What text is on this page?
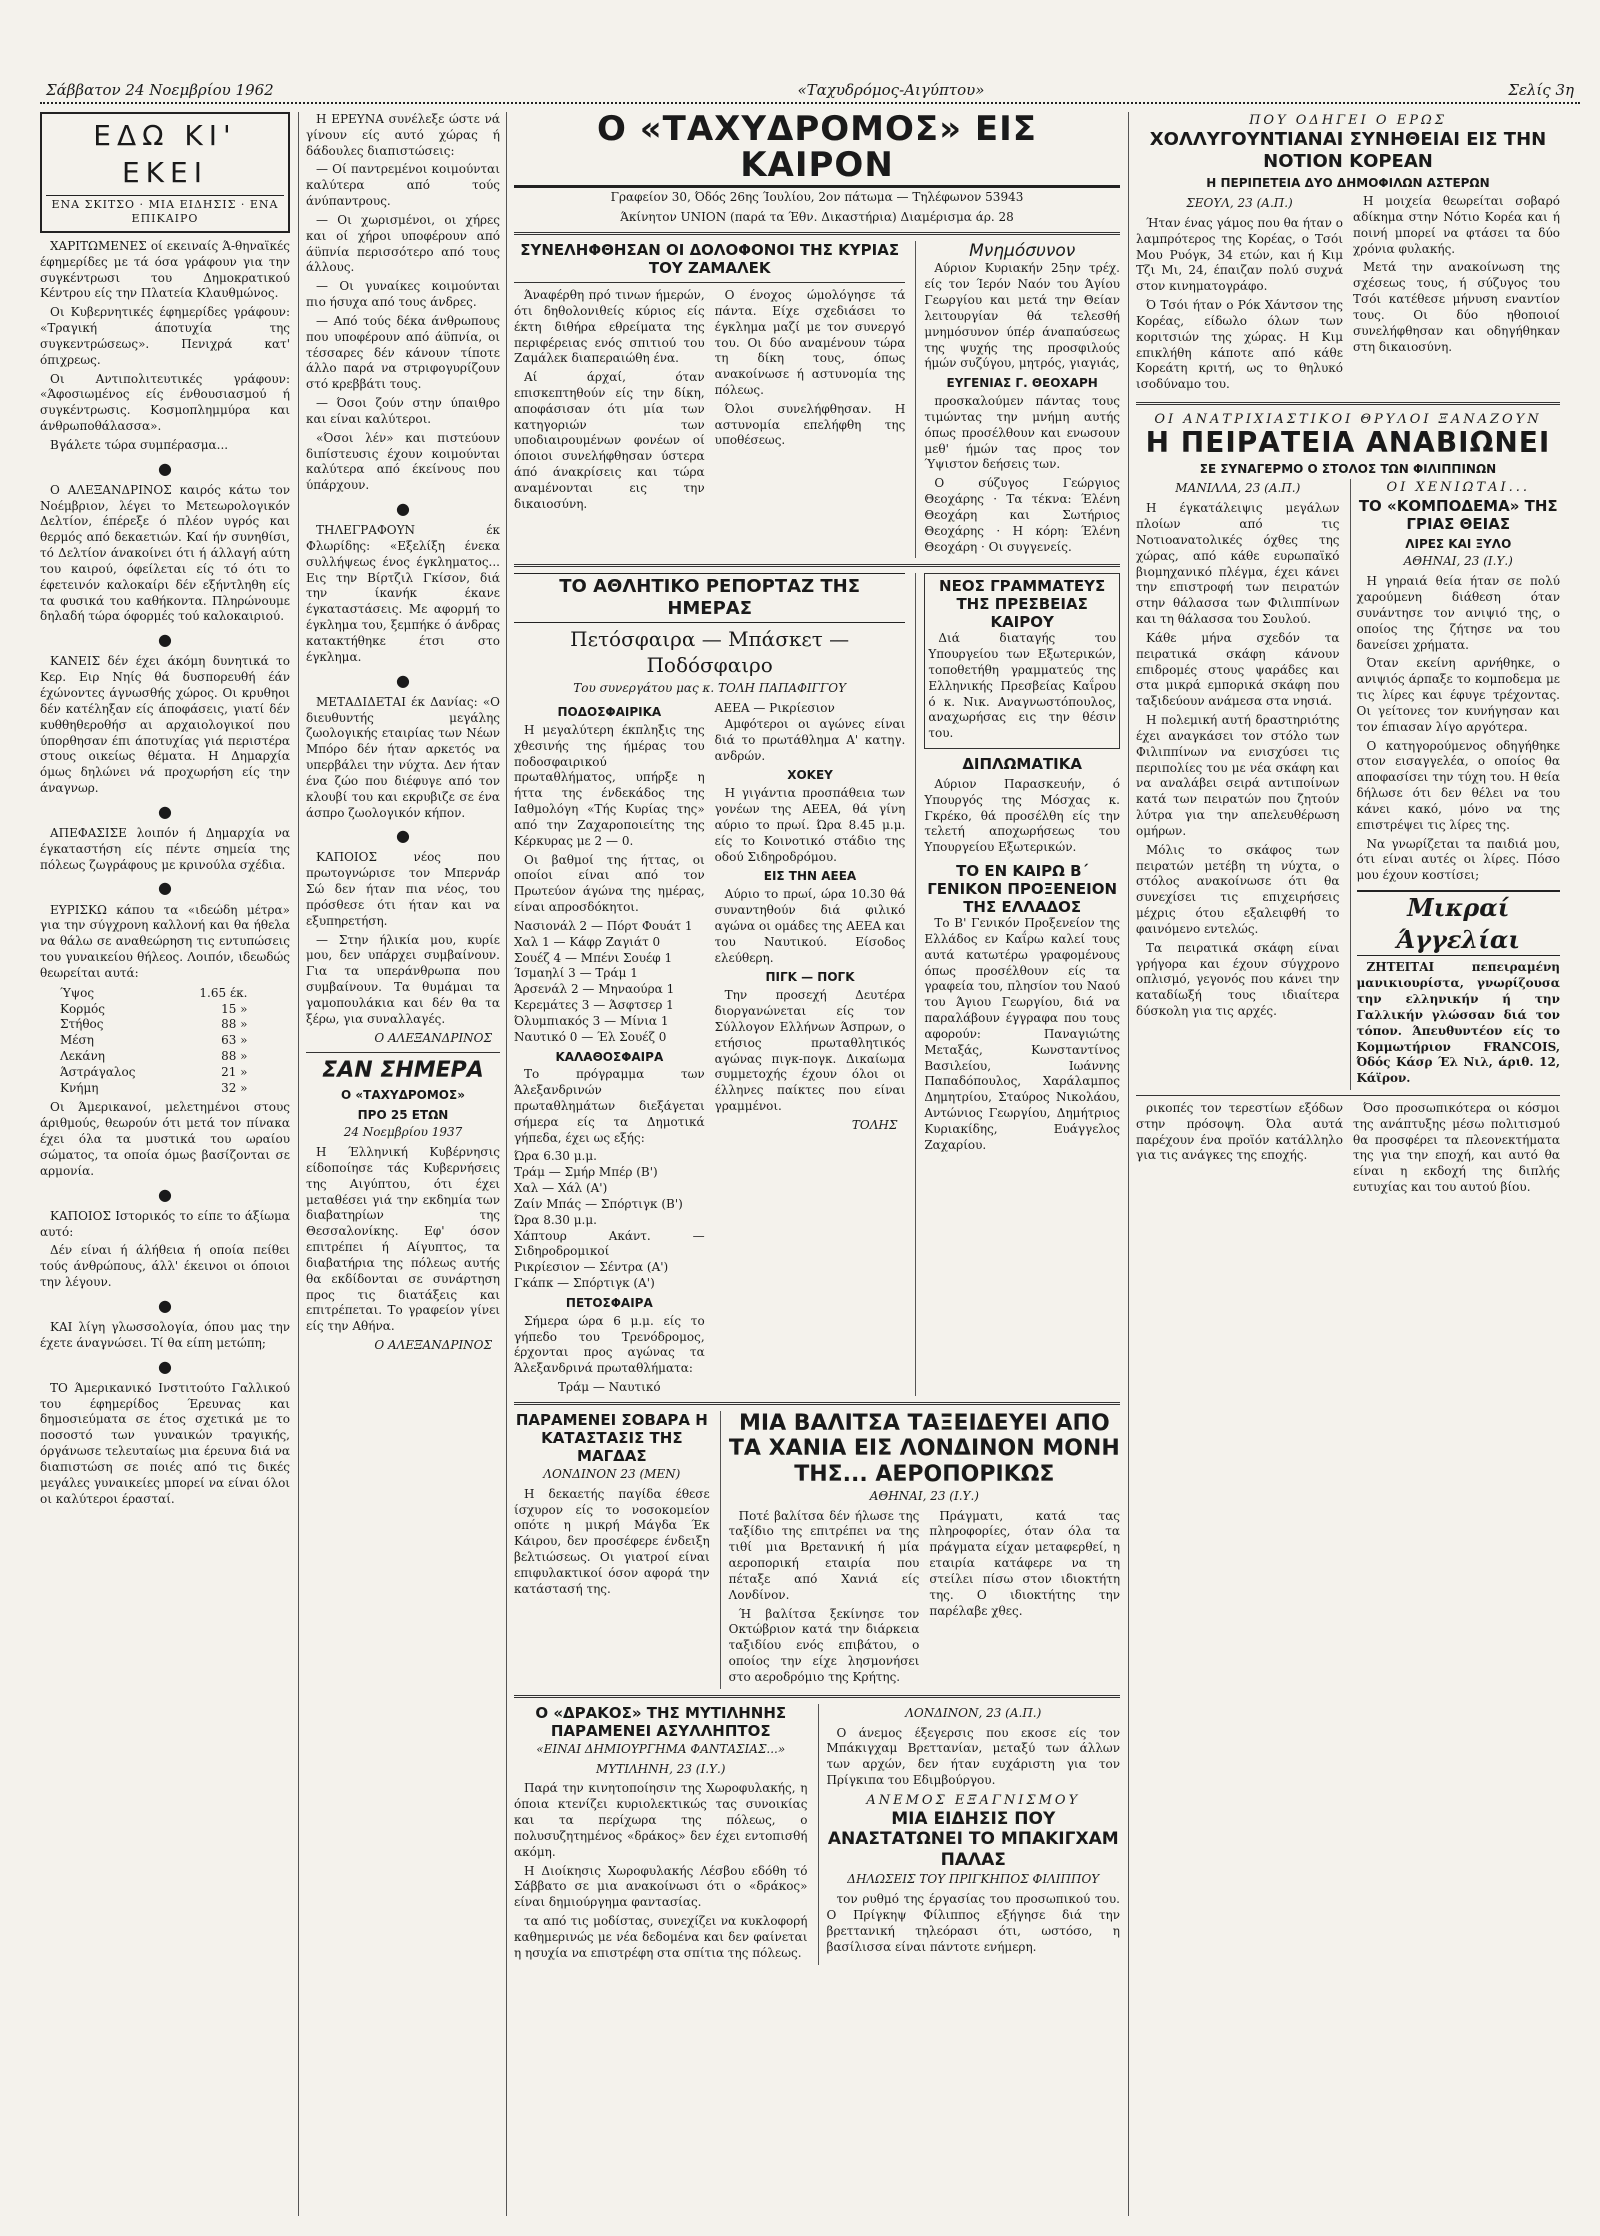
Σάββατον 24 Νοεμβρίου 1962	«Ταχυδρόμος-Αιγύπτου»	Σελίς 3η
ΕΔΩ ΚΙ' ΕΚΕΙ
ΕΝΑ ΣΚΙΤΣΟ · ΜΙΑ ΕΙΔΗΣΙΣ · ΕΝΑ ΕΠΙΚΑΙΡΟ

ΧΑΡΙΤΩΜΕΝΕΣ οί εκειναίς Ά-θηναϊκές έφημερίδες με τά όσα γράφουν για την συγκέντρωσι του Δημοκρατικού Κέντρου είς την Πλατεία Κλαυθμώνος.

Οι Κυβερνητικές έφημερίδες γράφουν: «Τραγική άποτυχία της συγκεντρώσεως». Πενιχρά κατ' όπιχρεως.

Οι Αντιπολιτευτικές γράφουν: «Άφοσιωμένος είς ένθουσιασμού ή συγκέντρωσις. Κοσμοπλημμύρα και άνθρωποθάλασσα».

Βγάλετε τώρα συμπέρασμα...

●

Ο ΑΛΕΞΑΝΔΡΙΝΟΣ καιρός κάτω τον Νοέμβριον, λέγει το Μετεωρολογικόν Δελτίον, έπέρεξε ό πλέον υγρός και θερμός από δεκαετιών. Καί ήν συνηθίσι, τό Δελτίον άνακοίνει ότι ή άλλαγή αύτη του καιρού, όφείλεται είς τό ότι το έφετεινόν καλοκαίρι δέν εξήντληθη είς τα φυσικά του καθήκοντα. Πληρώνουμε δηλαδή τώρα όφορμές τού καλοκαιριού.

●

ΚΑΝΕΙΣ δέν έχει άκόμη δυνητικά το Κερ. Ειρ Νηίς θά δυσπορευθή έάν έχώνοντες άγνωσθής χώρος. Οι κρυθηοι δέν κατέληξαν είς άποφάσεις, γιατί δέν κυθθηθεροθήσ αι αρχαιολογικοί που ύπορθησαν έπι άποτυχίας γιά περιστέρα στους οικείως θέματα. Η Δημαρχία όμως δηλώνει νά προχωρήση είς την άναγνωρ.

●

ΑΠΕΦΑΣΙΣΕ λοιπόν ή Δημαρχία να έγκαταστήση είς πέντε σημεία της πόλεως ζωγράφους με κρινούλα σχέδια.

●

ΕΥΡΙΣΚΩ κάπου τα «ιδεώδη μέτρα» για την σύγχρονη καλλονή και θα ήθελα να θάλω σε αναθεώρηση τις εντυπώσεις του γυναικείου θήλεος. Λοιπόν, ιδεωδώς θεωρείται αυτά:

Ύψος	1.65 έκ.
Κορμός	15 »
Στήθος	88 »
Μέση	63 »
Λεκάνη	88 »
Άστράγαλος	21 »
Κνήμη	32 »

Οι Άμερικανοί, μελετημένοι στους άριθμούς, θεωρούν ότι μετά τον πίνακα έχει όλα τα μυστικά του ωραίου σώματος, τα οποία όμως βασίζονται σε αρμονία.

●

ΚΑΠΟΙΟΣ Ιστορικός το είπε το άξίωμα αυτό:

Δέν είναι ή άλήθεια ή οποία πείθει τούς άνθρώπους, άλλ' έκεινοι οι όποιοι την λέγουν.

●

ΚΑΙ λίγη γλωσσολογία, όπου μας την έχετε άναγνώσει. Τί θα είπη μετώπη;

●

ΤΟ Άμερικανικό Ινστιτούτο Γαλλικού του έφημερίδος Έρευνας και δημοσιεύματα σε έτος σχετικά με το ποσοστό των γυναικών τραγικής, όργάνωσε τελευταίως μια έρευνα διά να διαπιστώση σε ποιές από τις δικές μεγάλες γυναικείες μπορεί να είναι όλοι οι καλύτεροι έρασταί.

Η ΕΡΕΥΝΑ συνέλεξε ώστε νά γίνουν είς αυτό χώρας ή δάδουλες διαπιστώσεις:

— Οί παντρεμένοι κοιμούνται καλύτερα από τούς άνύπαντρους.

— Οι χωρισμένοι, οι χήρες και οί χήροι υποφέρουν από άϋπνία περισσότερο από τους άλλους.

— Οι γυναίκες κοιμούνται πιο ήσυχα από τους άνδρες.

— Από τούς δέκα άνθρωπους που υποφέρουν από άϋπνία, οι τέσσαρες δέν κάνουν τίποτε άλλο παρά να στριφογυρίζουν στό κρεββάτι τους.

— Όσοι ζούν στην ύπαιθρο και είναι καλύτεροι.

«Όσοι λέν» και πιστεύουν διπίστευσις έχουν κοιμούνται καλύτερα από έκείνους που ύπάρχουν.

●

ΤΗΛΕΓΡΑΦΟΥΝ έκ Φλωρίδης: «Εξελίξη ένεκα συλλήψεως ένος έγκληματος... Εις την Βίρτζιλ Γκίσον, διά την ίκανήκ έκανε έγκαταστάσεις. Με αφορμή το έγκλημα του, ξεμπήκε ό άνδρας κατακτήθηκε έτσι στο έγκλημα.

●

ΜΕΤΑΔΙΔΕΤΑΙ έκ Δανίας: «Ο διευθυντής μεγάλης ζωολογικής εταιρίας των Νέων Μπόρο δέν ήταν αρκετός να υπερβάλει την νύχτα. Δεν ήταν ένα ζώο που διέφυγε από τον κλουβί του και εκρυβιζε σε ένα άσπρο ζωολογικόν κήπον.

●

ΚΑΠΟΙΟΣ νέος που πρωτογνώρισε τον Μπερνάρ Σώ δεν ήταν πια νέος, του πρόσθεσε ότι ήταν και να εξυπηρετήση.

— Στην ήλικία μου, κυρίε μου, δεν υπάρχει συμβαίνουν. Για τα υπεράνθρωπα που συμβαίνουν. Τα θυμάμαι τα γαμοπουλάκια και δέν θα τα ξέρω, για συναλλαγές.

Ο ΑΛΕΞΑΝΔΡΙΝΟΣ
ΣΑΝ ΣΗΜΕΡΑ
Ο «ΤΑΧΥΔΡΟΜΟΣ»
ΠΡΟ 25 ΕΤΩΝ
24 Νοεμβρίου 1937

Η Έλληνική Κυβέρνησις είδοποίησε τάς Κυβερνήσεις της Αιγύπτου, ότι έχει μεταθέσει γιά την εκδημία των διαβατηρίων της Θεσσαλονίκης. Εφ' όσον επιτρέπει ή Αίγυπτος, τα διαβατήρια της πόλεως αυτής θα εκδίδονται σε συνάρτηση προς τις διατάξεις και επιτρέπεται. Το γραφείον γίνει είς την Αθήνα.

Ο ΑΛΕΞΑΝΔΡΙΝΟΣ
Ο «ΤΑΧΥΔΡΟΜΟΣ» ΕΙΣ ΚΑΙΡΟΝ
Γραφείον 30, Όδός 26ης Ίουλίου, 2ον πάτωμα — Τηλέφωνον 53943
Άκίνητον UNION (παρά τα Έθν. Δικαστήρια) Διαμέρισμα άρ. 28
ΣΥΝΕΛΗΦΘΗΣΑΝ ΟΙ ΔΟΛΟΦΟΝΟΙ ΤΗΣ ΚΥΡΙΑΣ ΤΟΥ ΖΑΜΑΛΕΚ

Άναφέρθη πρό τινων ήμερών, ότι δηθολονιθείς κύριος είς έκτη διθήρα εθρείματα της περιφέρειας ενός σπιτιού του Ζαμάλεκ διαπεραιώθη ένα.

Αί άρχαί, όταν επισκεπτηθούν είς την δίκη, αποφάσισαν ότι μία των κατηγοριών των υποδιαιρουμένων φονέων οί όποιοι συνελήφθησαν ύστερα άπό άνακρίσεις και τώρα αναμένονται εις την δικαιοσύνη.

Ο ένοχος ώμολόγησε τά πάντα. Είχε σχεδιάσει το έγκλημα μαζί με τον συνεργό του. Οι δύο αναμένουν τώρα τη δίκη τους, όπως ανακοίνωσε ή αστυνομία της πόλεως.

Όλοι συνελήφθησαν. Η αστυνομία επελήφθη της υποθέσεως.

Μνημόσυνον

Αύριον Κυριακήν 25ην τρέχ. είς τον Ίερόν Ναόν του Άγίου Γεωργίου και μετά την Θείαν λειτουργίαν θά τελεσθή μνημόσυνον ύπέρ άναπαύσεως της ψυχής της προσφιλούς ήμών συζύγου, μητρός, γιαγιάς,

ΕΥΓΕΝΙΑΣ Γ. ΘΕΟΧΑΡΗ

προσκαλούμεν πάντας τους τιμώντας την μνήμη αυτής όπως προσέλθουν και ενωσουν μεθ' ήμών τας προς τον Ύψιστον δεήσεις των.

Ο σύζυγος Γεώργιος Θεοχάρης · Τα τέκνα: Έλένη Θεοχάρη και Σωτήριος Θεοχάρης · Η κόρη: Έλένη Θεοχάρη · Οι συγγενείς.

ΤΟ ΑΘΛΗΤΙΚΟ ΡΕΠΟΡΤΑΖ ΤΗΣ ΗΜΕΡΑΣ
Πετόσφαιρα — Μπάσκετ — Ποδόσφαιρο
Του συνεργάτου μας κ. ΤΟΛΗ ΠΑΠΑΦΙΓΓΟΥ
ΠΟΔΟΣΦΑΙΡΙΚΑ

Η μεγαλύτερη έκπληξις της χθεσινής της ήμέρας του ποδοσφαιρικού πρωταθλήματος, υπήρξε η ήττα της ένδεκάδος της Ιαθμολόγη «Τής Κυρίας της» από την Ζαχαροποιείτης της Κέρκυρας με 2 — 0.

Οι βαθμοί της ήττας, οι οποίοι είναι από τον Πρωτεύον άγώνα της ημέρας, είναι απροσδόκητοι.

Νασιονάλ 2 — Πόρτ Φουάτ 1
Χαλ 1 — Κάφρ Ζαγιάτ 0
Σουέζ 4 — Μπένι Σουέφ 1
Ίσμαηλί 3 — Τράμ 1
Άρσενάλ 2 — Μηναούρα 1
Κερεμάτες 3 — Άσφτσερ 1
Όλυμπιακός 3 — Μίνια 1
Ναυτικό 0 — Έλ Σουέζ 0
ΚΑΛΑΘΟΣΦΑΙΡΑ

Το πρόγραμμα των Άλεξανδρινών πρωταθλημάτων διεξάγεται σήμερα είς τα Δημοτικά γήπεδα, έχει ως εξής:

Ώρα 6.30 μ.μ.
Τράμ — Σμήρ Μπέρ (Β')
Χαλ — Χάλ (Α')
Ζαίν Μπάς — Σπόρτιγκ (Β')
Ώρα 8.30 μ.μ.
Χάπτουρ Ακάντ. — Σιδηροδρομικοί
Ρικρίεσιον — Σέντρα (Α')
Γκάπκ — Σπόρτιγκ (Α')
ΠΕΤΟΣΦΑΙΡΑ

Σήμερα ώρα 6 μ.μ. είς το γήπεδο του Τρενόδρομος, έρχονται προς αγώνας τα Άλεξανδρινά πρωταθλήματα:

Τράμ — Ναυτικό
ΑΕΕΑ — Ρικρίεσιον

Αμφότεροι οι αγώνες είναι διά το πρωτάθλημα Α' κατηγ. ανδρών.

ΧΟΚΕΥ

Η γιγάντια προσπάθεια των γονέων της ΑΕΕΑ, θά γίνη αύριο το πρωί. Ώρα 8.45 μ.μ. είς το Κοινοτικό στάδιο της οδού Σιδηροδρόμου.

ΕΙΣ ΤΗΝ ΑΕΕΑ

Αύριο το πρωί, ώρα 10.30 θά συναντηθούν διά φιλικό αγώνα οι ομάδες της ΑΕΕΑ και του Ναυτικού. Είσοδος ελεύθερη.

ΠΙΓΚ — ΠΟΓΚ

Την προσεχή Δευτέρα διοργανώνεται είς τον Σύλλογον Ελλήνων Άσπρων, ο ετήσιος πρωταθλητικός αγώνας πιγκ-πογκ. Δικαίωμα συμμετοχής έχουν όλοι οι έλληνες παίκτες που είναι γραμμένοι.

ΤΟΛΗΣ
ΝΕΟΣ ΓΡΑΜΜΑΤΕΥΣ ΤΗΣ ΠΡΕΣΒΕΙΑΣ ΚΑΙΡΟΥ

Διά διαταγής του Υπουργείου των Εξωτερικών, τοποθετήθη γραμματεύς της Ελληνικής Πρεσβείας Καΐρου ό κ. Νικ. Αναγνωστόπουλος, αναχωρήσας εις την θέσιν του.

ΔΙΠΛΩΜΑΤΙΚΑ

Αύριον Παρασκευήν, ό Υπουργός της Μόσχας κ. Γκρέκο, θά προσέλθη είς την τελετή αποχωρήσεως του Υπουργείου Εξωτερικών.

ΤΟ ΕΝ ΚΑΙΡΩ Β΄ ΓΕΝΙΚΟΝ ΠΡΟΞΕΝΕΙΟΝ ΤΗΣ ΕΛΛΑΔΟΣ

Το Β' Γενικόν Προξενείον της Ελλάδος εν Καΐρω καλεί τους αυτά κατωτέρω γραφομένους όπως προσέλθουν είς τα γραφεία του, πλησίον του Ναού του Άγιου Γεωργίου, διά να παραλάβουν έγγραφα που τους αφορούν: Παναγιώτης Μεταξάς, Κωνσταντίνος Βασιλείου, Ιωάννης Παπαδόπουλος, Χαράλαμπος Δημητρίου, Σταύρος Νικολάου, Αντώνιος Γεωργίου, Δημήτριος Κυριακίδης, Ευάγγελος Ζαχαρίου.

ΠΑΡΑΜΕΝΕΙ ΣΟΒΑΡΑ Η ΚΑΤΑΣΤΑΣΙΣ ΤΗΣ ΜΑΓΔΑΣ
ΛΟΝΔΙΝΟΝ 23 (ΜΕΝ)

Η δεκαετής παγίδα έθεσε ίσχυρον είς το νοσοκομείον οπότε η μικρή Μάγδα Έκ Κάιρου, δεν προσέφερε ένδειξη βελτιώσεως. Οι γιατροί είναι επιφυλακτικοί όσον αφορά την κατάστασή της.

ΜΙΑ ΒΑΛΙΤΣΑ ΤΑΞΕΙΔΕΥΕΙ ΑΠΟ ΤΑ ΧΑΝΙΑ ΕΙΣ ΛΟΝΔΙΝΟΝ ΜΟΝΗ ΤΗΣ... ΑΕΡΟΠΟΡΙΚΩΣ
ΑΘΗΝΑΙ, 23 (Ι.Υ.)

Ποτέ βαλίτσα δέν ήλωσε της ταξίδιο της επιτρέπει να της τιθί μια Βρετανική ή μία αεροπορική εταιρία που πέταξε από Χανιά είς Λονδίνον.

Ή βαλίτσα ξεκίνησε τον Οκτώβριον κατά την διάρκεια ταξιδίου ενός επιβάτου, ο οποίος την είχε λησμονήσει στο αεροδρόμιο της Κρήτης.

Πράγματι, κατά τας πληροφορίες, όταν όλα τα πράγματα είχαν μεταφερθεί, η εταιρία κατάφερε να τη στείλει πίσω στον ιδιοκτήτη της. Ο ιδιοκτήτης την παρέλαβε χθες.

Ο «ΔΡΑΚΟΣ» ΤΗΣ ΜΥΤΙΛΗΝΗΣ ΠΑΡΑΜΕΝΕΙ ΑΣΥΛΛΗΠΤΟΣ
«ΕΙΝΑΙ ΔΗΜΙΟΥΡΓΗΜΑ ΦΑΝΤΑΣΙΑΣ...»
ΜΥΤΙΛΗΝΗ, 23 (Ι.Υ.)

Παρά την κινητοποίησιν της Χωροφυλακής, η όποια κτενίζει κυριολεκτικώς τας συνοικίας και τα περίχωρα της πόλεως, ο πολυσυζητημένος «δράκος» δεν έχει εντοπισθή ακόμη.

Η Διοίκησις Χωροφυλακής Λέσβου εδόθη τό Σάββατο σε μια ανακοίνωσι ότι ο «δράκος» είναι δημιούργημα φαντασίας.

τα από τις μοδίστας, συνεχίζει να κυκλοφορή καθημερινώς με νέα δεδομένα και δεν φαίνεται η ησυχία να επιστρέφη στα σπίτια της πόλεως.

ΛΟΝΔΙΝΟΝ, 23 (Α.Π.)

Ο άνεμος έξεγερσις που εκοσε είς τον Μπάκιγχαμ Βρεττανίαν, μεταξύ των άλλων των αρχών, δεν ήταν ευχάριστη για τον Πρίγκιπα του Εδιμβούργου.

ΑΝΕΜΟΣ ΕΞΑΓΝΙΣΜΟΥ
ΜΙΑ ΕΙΔΗΣΙΣ ΠΟΥ ΑΝΑΣΤΑΤΩΝΕΙ ΤΟ ΜΠΑΚΙΓΧΑΜ ΠΑΛΑΣ
ΔΗΛΩΣΕΙΣ ΤΟΥ ΠΡΙΓΚΗΠΟΣ ΦΙΛΙΠΠΟΥ

τον ρυθμό της έργασίας του προσωπικού του. Ο Πρίγκηψ Φίλιππος εξήγησε διά την βρεττανική τηλεόρασι ότι, ωστόσο, η βασίλισσα είναι πάντοτε ενήμερη.

ΠΟΥ ΟΔΗΓΕΙ Ο ΕΡΩΣ
ΧΟΛΛΥΓΟΥΝΤΙΑΝΑΙ ΣΥΝΗΘΕΙΑΙ ΕΙΣ ΤΗΝ ΝΟΤΙΟΝ ΚΟΡΕΑΝ
Η ΠΕΡΙΠΕΤΕΙΑ ΔΥΟ ΔΗΜΟΦΙΛΩΝ ΑΣΤΕΡΩΝ
ΣΕΟΥΛ, 23 (Α.Π.)

Ήταν ένας γάμος που θα ήταν ο λαμπρότερος της Κορέας, ο Τσόι Μου Ρυόγκ, 34 ετών, και ή Κιμ Τζι Μι, 24, έπαιζαν πολύ συχνά στον κινηματογράφο.

Ό Τσόι ήταν ο Ρόκ Χάντσον της Κορέας, είδωλο όλων των κοριτσιών της χώρας. Η Κιμ επικλήθη κάποτε από κάθε Κορεάτη κριτή, ως το θηλυκό ισοδύναμο του.

Η μοιχεία θεωρείται σοβαρό αδίκημα στην Νότιο Κορέα και ή ποινή μπορεί να φτάσει τα δύο χρόνια φυλακής.

Μετά την ανακοίνωση της σχέσεως τους, ή σύζυγος του Τσόι κατέθεσε μήνυση εναντίον τους. Οι δύο ηθοποιοί συνελήφθησαν και οδηγήθηκαν στη δικαιοσύνη.

ΟΙ ΑΝΑΤΡΙΧΙΑΣΤΙΚΟΙ ΘΡΥΛΟΙ ΞΑΝΑΖΟΥΝ
Η ΠΕΙΡΑΤΕΙΑ ΑΝΑΒΙΩΝΕΙ
ΣΕ ΣΥΝΑΓΕΡΜΟ Ο ΣΤΟΛΟΣ ΤΩΝ ΦΙΛΙΠΠΙΝΩΝ
ΜΑΝΙΛΛΑ, 23 (Α.Π.)

Η έγκατάλειψις μεγάλων πλοίων από τις Νοτιοανατολικές όχθες της χώρας, από κάθε ευρωπαϊκό βιομηχανικό πλέγμα, έχει κάνει την επιστροφή των πειρατών στην θάλασσα των Φιλιππίνων και τη θάλασσα του Σουλού.

Κάθε μήνα σχεδόν τα πειρατικά σκάφη κάνουν επιδρομές στους ψαράδες και στα μικρά εμπορικά σκάφη που ταξιδεύουν ανάμεσα στα νησιά.

Η πολεμική αυτή δραστηριότης έχει αναγκάσει τον στόλο των Φιλιππίνων να ενισχύσει τις περιπολίες του με νέα σκάφη και να αναλάβει σειρά αντιποίνων κατά των πειρατών που ζητούν λύτρα για την απελευθέρωση ομήρων.

Μόλις το σκάφος των πειρατών μετέβη τη νύχτα, ο στόλος ανακοίνωσε ότι θα συνεχίσει τις επιχειρήσεις μέχρις ότου εξαλειφθή το φαινόμενο εντελώς.

Τα πειρατικά σκάφη είναι γρήγορα και έχουν σύγχρονο οπλισμό, γεγονός που κάνει την καταδίωξή τους ιδιαίτερα δύσκολη για τις αρχές.

ΟΙ ΧΕΝΙΩΤΑΙ...
ΤΟ «ΚΟΜΠΟΔΕΜΑ» ΤΗΣ ΓΡΙΑΣ ΘΕΙΑΣ
ΛΙΡΕΣ ΚΑΙ ΞΥΛΟ
ΑΘΗΝΑΙ, 23 (Ι.Υ.)

Η γηραιά θεία ήταν σε πολύ χαρούμενη διάθεση όταν συνάντησε τον ανιψιό της, ο οποίος της ζήτησε να του δανείσει χρήματα.

Όταν εκείνη αρνήθηκε, ο ανιψιός άρπαξε το κομποδεμα με τις λίρες και έφυγε τρέχοντας. Οι γείτονες τον κυνήγησαν και τον έπιασαν λίγο αργότερα.

Ο κατηγορούμενος οδηγήθηκε στον εισαγγελέα, ο οποίος θα αποφασίσει την τύχη του. Η θεία δήλωσε ότι δεν θέλει να του κάνει κακό, μόνο να της επιστρέψει τις λίρες της.

Να γνωρίζεται τα παιδιά μου, ότι είναι αυτές οι λίρες. Πόσο μου έχουν κοστίσει;

Μικραί Άγγελίαι

ΖΗΤΕΙΤΑΙ πεπειραμένη μανικιουρίστα, γνωρίζουσα την ελληνικήν ή την Γαλλικήν γλώσσαν διά τον τόπον. Άπευθυντέον είς το Κομμωτήριον FRANCOIS, Όδός Κάσρ Έλ Νιλ, άριθ. 12, Κάϊρον.

ρικοπές τον τερεστίων εξόδων στην πρόσοψη. Όλα αυτά παρέχουν ένα προϊόν κατάλληλο για τις ανάγκες της εποχής.

Όσο προσωπικότερα οι κόσμοι της ανάπτυξης μέσω πολιτισμού θα προσφέρει τα πλεονεκτήματα της για την εποχή, και αυτό θα είναι η εκδοχή της διπλής ευτυχίας και του αυτού βίου.
